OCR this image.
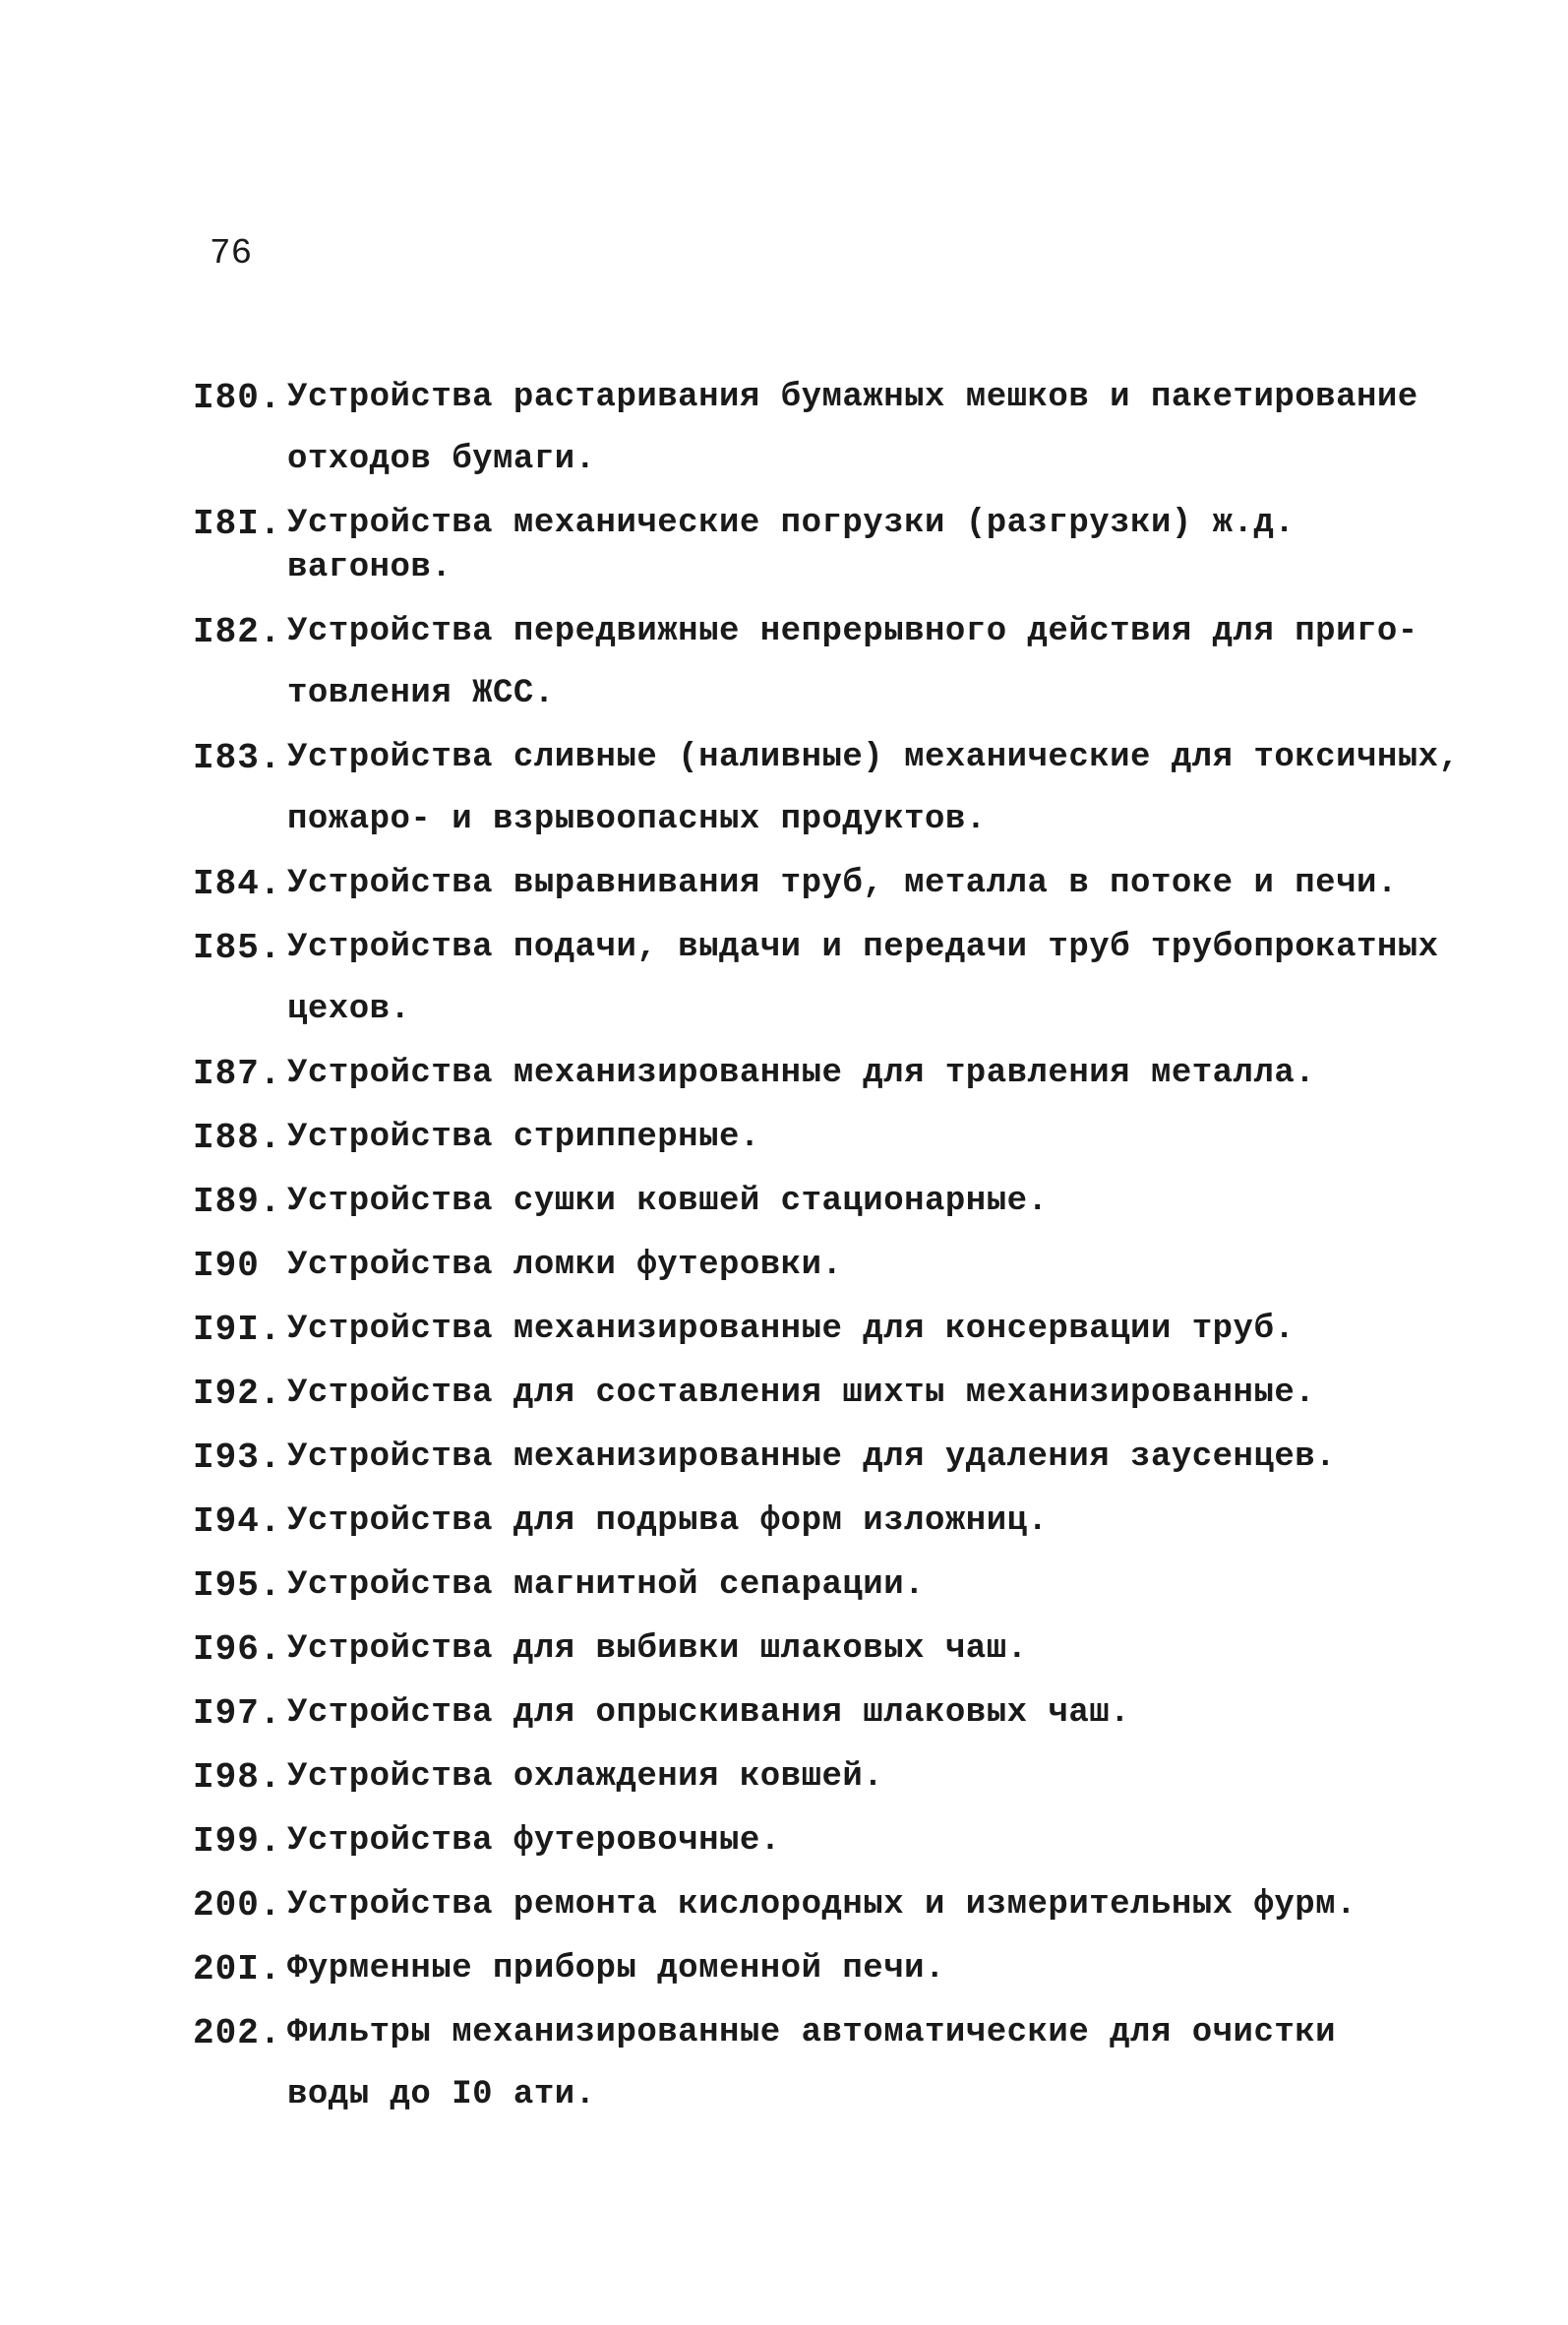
76
I80. Устройства растаривания бумажных мешков и пакетирование
отходов бумаги.
I8I. Устройства механические погрузки (разгрузки) ж.д. вагонов.
I82. Устройства передвижные непрерывного действия для приго-
товления ЖСС.
I83. Устройства сливные (наливные) механические для токсичных,
пожаро- и взрывоопасных продуктов.
I84. Устройства выравнивания труб, металла в потоке и печи.
I85. Устройства подачи, выдачи и передачи труб трубопрокатных
цехов.
I87. Устройства механизированные для травления металла.
I88. Устройства стрипперные.
I89. Устройства сушки ковшей стационарные.
I90 Устройства ломки футеровки.
I9I. Устройства механизированные для консервации труб.
I92. Устройства для составления шихты механизированные.
I93. Устройства механизированные для удаления заусенцев.
I94. Устройства для подрыва форм изложниц.
I95. Устройства магнитной сепарации.
I96. Устройства для выбивки шлаковых чаш.
I97. Устройства для опрыскивания шлаковых чаш.
I98. Устройства охлаждения ковшей.
I99. Устройства футеровочные.
200. Устройства ремонта кислородных и измерительных фурм.
20I. Фурменные приборы доменной печи.
202. Фильтры механизированные автоматические для очистки
воды до I0 ати.
